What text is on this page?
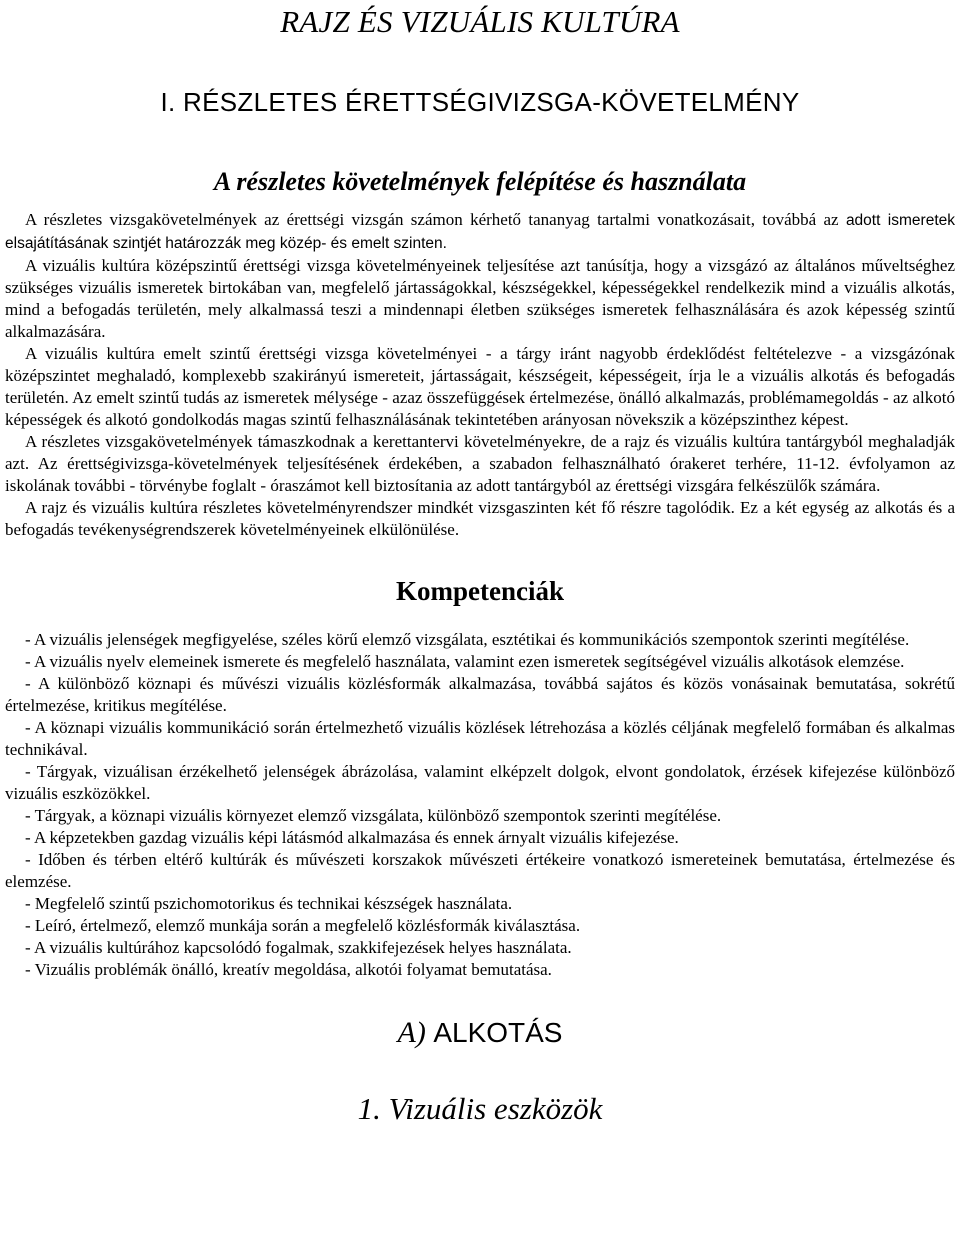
RAJZ ÉS VIZUÁLIS KULTÚRA
I. RÉSZLETES ÉRETTSÉGIVIZSGA-KÖVETELMÉNY
A részletes követelmények felépítése és használata

A részletes vizsgakövetelmények az érettségi vizsgán számon kérhető tananyag tartalmi vonatkozásait, továbbá az adott ismeretek elsajátításának szintjét határozzák meg közép- és emelt szinten.

A vizuális kultúra középszintű érettségi vizsga követelményeinek teljesítése azt tanúsítja, hogy a vizsgázó az általános műveltséghez szükséges vizuális ismeretek birtokában van, megfelelő jártasságokkal, készségekkel, képességekkel rendelkezik mind a vizuális alkotás, mind a befogadás területén, mely alkalmassá teszi a mindennapi életben szükséges ismeretek felhasználására és azok képesség szintű alkalmazására.

A vizuális kultúra emelt szintű érettségi vizsga követelményei - a tárgy iránt nagyobb érdeklődést feltételezve - a vizsgázónak középszintet meghaladó, komplexebb szakirányú ismereteit, jártasságait, készségeit, képességeit, írja le a vizuális alkotás és befogadás területén. Az emelt szintű tudás az ismeretek mélysége - azaz összefüggések értelmezése, önálló alkalmazás, problémamegoldás - az alkotó képességek és alkotó gondolkodás magas szintű felhasználásának tekintetében arányosan növekszik a középszinthez képest.

A részletes vizsgakövetelmények támaszkodnak a kerettantervi követelményekre, de a rajz és vizuális kultúra tantárgyból meghaladják azt. Az érettségivizsga-követelmények teljesítésének érdekében, a szabadon felhasználható órakeret terhére, 11-12. évfolyamon az iskolának további - törvénybe foglalt - óraszámot kell biztosítania az adott tantárgyból az érettségi vizsgára felkészülők számára.

A rajz és vizuális kultúra részletes követelményrendszer mindkét vizsgaszinten két fő részre tagolódik. Ez a két egység az alkotás és a befogadás tevékenységrendszerek követelményeinek elkülönülése.

Kompetenciák

- A vizuális jelenségek megfigyelése, széles körű elemző vizsgálata, esztétikai és kommunikációs szempontok szerinti megítélése.

- A vizuális nyelv elemeinek ismerete és megfelelő használata, valamint ezen ismeretek segítségével vizuális alkotások elemzése.

- A különböző köznapi és művészi vizuális közlésformák alkalmazása, továbbá sajátos és közös vonásainak bemutatása, sokrétű értelmezése, kritikus megítélése.

- A köznapi vizuális kommunikáció során értelmezhető vizuális közlések létrehozása a közlés céljának megfelelő formában és alkalmas technikával.

- Tárgyak, vizuálisan érzékelhető jelenségek ábrázolása, valamint elképzelt dolgok, elvont gondolatok, érzések kifejezése különböző vizuális eszközökkel.

- Tárgyak, a köznapi vizuális környezet elemző vizsgálata, különböző szempontok szerinti megítélése.

- A képzetekben gazdag vizuális képi látásmód alkalmazása és ennek árnyalt vizuális kifejezése.

- Időben és térben eltérő kultúrák és művészeti korszakok művészeti értékeire vonatkozó ismereteinek bemutatása, értelmezése és elemzése.

- Megfelelő szintű pszichomotorikus és technikai készségek használata.

- Leíró, értelmező, elemző munkája során a megfelelő közlésformák kiválasztása.

- A vizuális kultúrához kapcsolódó fogalmak, szakkifejezések helyes használata.

- Vizuális problémák önálló, kreatív megoldása, alkotói folyamat bemutatása.

A) ALKOTÁS
1. Vizuális eszközök
